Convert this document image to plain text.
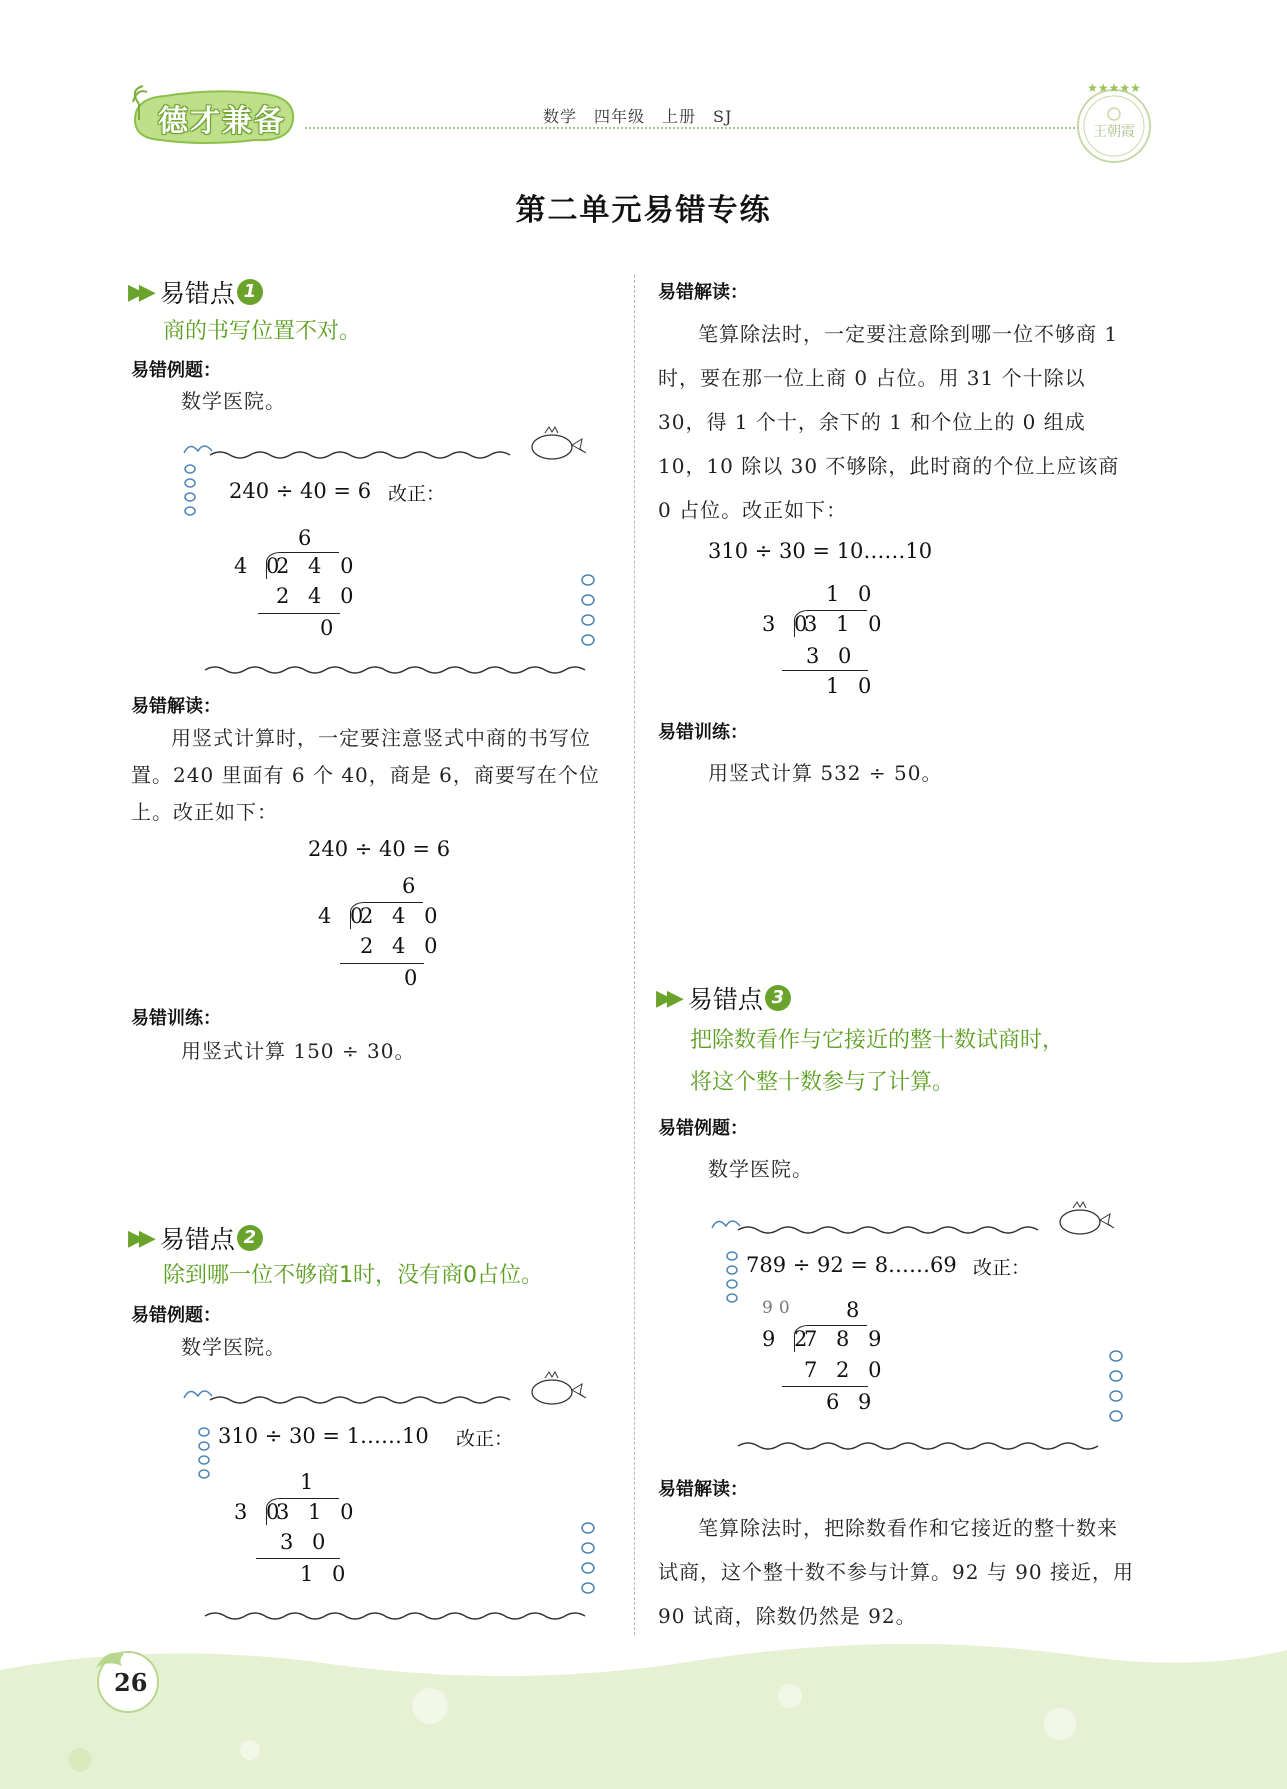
德才兼备	数学　四年级　上册　SJ
★★★★★
王朝霞
第二单元易错专练
▶▶ 易错点 1
商的书写位置不对。
易错例题：
数学医院。
240 ÷ 40 = 6 改正：
6
4 0
2 4 0
2 4 0
0
易错解读：
用竖式计算时，一定要注意竖式中商的书写位置。240 里面有 6 个 40，商是 6，商要写在个位上。改正如下：
240 ÷ 40 = 6
6
4 0
2 4 0
2 4 0
0
易错训练：
用竖式计算 150 ÷ 30。
▶▶ 易错点 2
除到哪一位不够商1时，没有商0占位。
易错例题：
数学医院。
310 ÷ 30 = 1……10 改正：
1
3 0
3 1 0
3 0
1 0
易错解读：
笔算除法时，一定要注意除到哪一位不够商 1 时，要在那一位上商 0 占位。用 31 个十除以 30，得 1 个十，余下的 1 和个位上的 0 组成 10，10 除以 30 不够除，此时商的个位上应该商 0 占位。改正如下：
310 ÷ 30 = 10……10
1 0
3 0
3 1 0
3 0
1 0
易错训练：
用竖式计算 532 ÷ 50。
▶▶ 易错点 3
把除数看作与它接近的整十数试商时，
将这个整十数参与了计算。
易错例题：
数学医院。
789 ÷ 92 = 8……69 改正：
90 8
9 2
7 8 9
7 2 0
6 9
易错解读：
笔算除法时，把除数看作和它接近的整十数来试商，这个整十数不参与计算。92 与 90 接近，用 90 试商，除数仍然是 92。
26
